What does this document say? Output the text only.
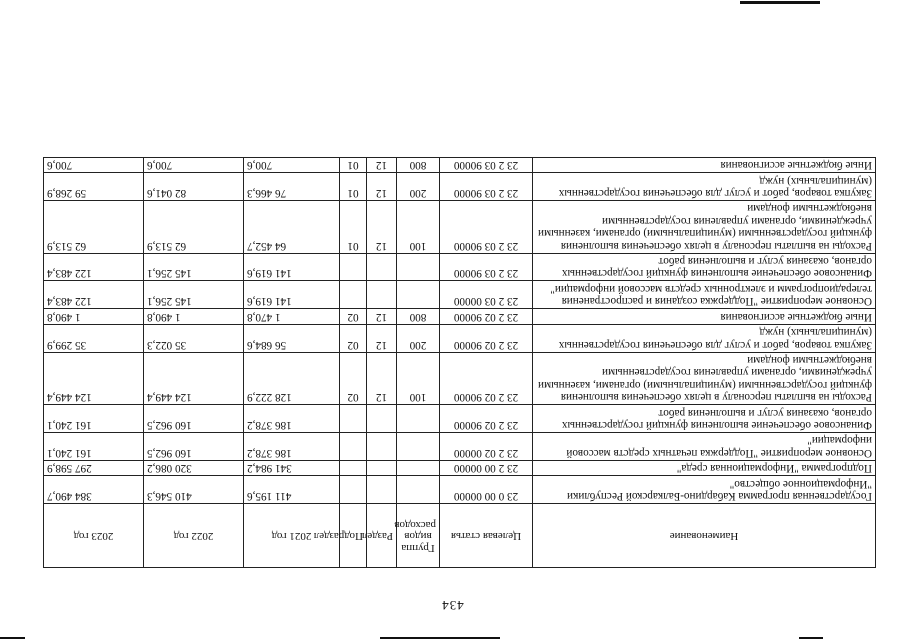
434
Наименование	Целевая статья	Группа видов расходов	Раздел	Подраздел	2021 год	2022 год	2023 год
Государственная программа Кабардино-Балкарской Республики "Информационное общество"	23 0 00 00000				411 195,6	410 546,3	384 490,7
Подпрограмма "Информационная среда"	23 2 00 00000				341 984,2	320 086,2	297 598,9
Основное мероприятие "Поддержка печатных средств массовой информации"	23 2 02 00000				186 378,2	160 962,5	161 240,1
Финансовое обеспечение выполнения функций государственных органов, оказания услуг и выполнения работ	23 2 02 90000				186 378,2	160 962,5	161 240,1
Расходы на выплаты персоналу в целях обеспечения выполнения функций государственными (муниципальными) органами, казенными учреждениями, органами управления государственными внебюджетными фондами	23 2 02 90000	100	12	02	128 222,9	124 449,4	124 449,4
Закупка товаров, работ и услуг для обеспечения государственных (муниципальных) нужд	23 2 02 90000	200	12	02	56 684,6	35 022,3	35 299,9
Иные бюджетные ассигнования	23 2 02 90000	800	12	02	1 470,8	1 490,8	1 490,8
Основное мероприятие "Поддержка создания и распространения телерадиопрограмм и электронных средств массовой информации"	23 2 03 00000				141 619,6	145 256,1	122 483,4
Финансовое обеспечение выполнения функций государственных органов, оказания услуг и выполнения работ	23 2 03 90000				141 619,6	145 256,1	122 483,4
Расходы на выплаты персоналу в целях обеспечения выполнения функций государственными (муниципальными) органами, казенными учреждениями, органами управления государственными внебюджетными фондами	23 2 03 90000	100	12	01	64 452,7	62 513,9	62 513,9
Закупка товаров, работ и услуг для обеспечения государственных (муниципальных) нужд	23 2 03 90000	200	12	01	76 466,3	82 041,6	59 268,9
Иные бюджетные ассигнования	23 2 03 90000	800	12	01	700,6	700,6	700,6
